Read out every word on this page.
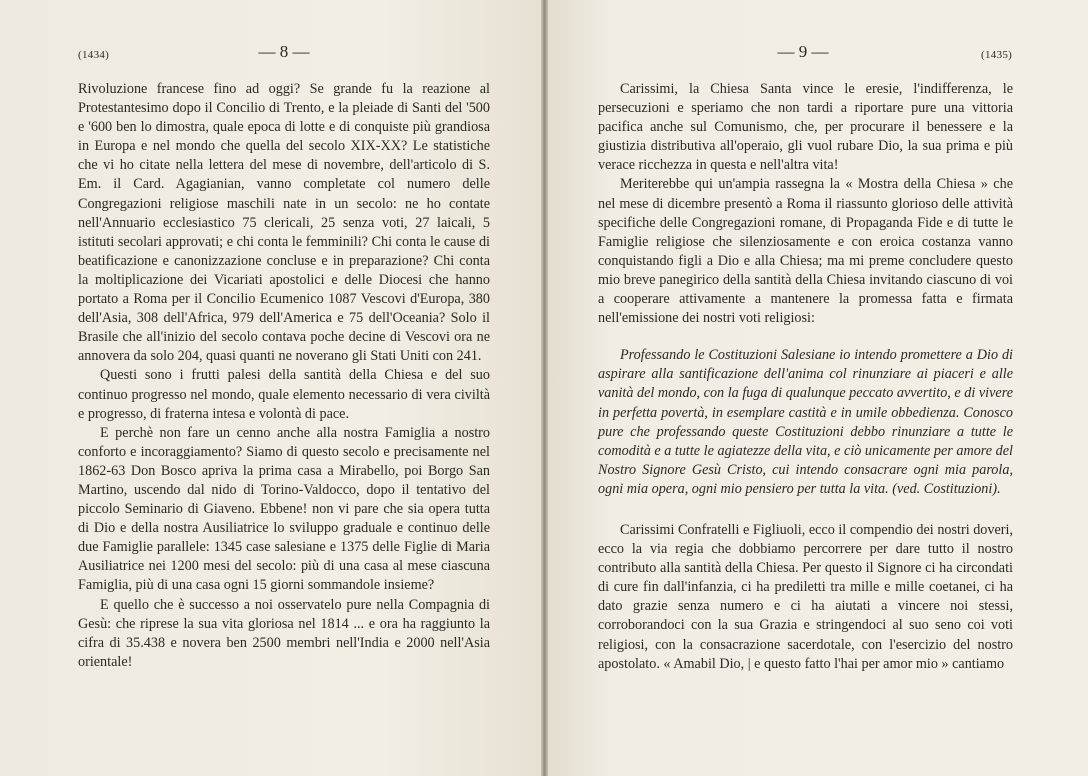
(1434)	— 8 —	— 9 —	(1435)

Rivoluzione francese fino ad oggi? Se grande fu la reazione al Protestantesimo dopo il Concilio di Trento, e la pleiade di Santi del '500 e '600 ben lo dimostra, quale epoca di lotte e di conquiste più grandiosa in Europa e nel mondo che quella del secolo XIX-XX? Le statistiche che vi ho citate nella lettera del mese di novembre, dell'articolo di S. Em. il Card. Agagianian, vanno completate col numero delle Congregazioni religiose maschili nate in un secolo: ne ho contate nell'Annuario ecclesiastico 75 clericali, 25 senza voti, 27 laicali, 5 istituti secolari approvati; e chi conta le femminili? Chi conta le cause di beatificazione e canonizzazione concluse e in preparazione? Chi conta la moltiplicazione dei Vicariati apostolici e delle Diocesi che hanno portato a Roma per il Concilio Ecumenico 1087 Vescovi d'Europa, 380 dell'Asia, 308 dell'Africa, 979 dell'America e 75 dell'Oceania? Solo il Brasile che all'inizio del secolo contava poche decine di Vescovi ora ne annovera da solo 204, quasi quanti ne noverano gli Stati Uniti con 241.

Questi sono i frutti palesi della santità della Chiesa e del suo continuo progresso nel mondo, quale elemento necessario di vera civiltà e progresso, di fraterna intesa e volontà di pace.

E perchè non fare un cenno anche alla nostra Famiglia a nostro conforto e incoraggiamento? Siamo di questo secolo e precisamente nel 1862-63 Don Bosco apriva la prima casa a Mirabello, poi Borgo San Martino, uscendo dal nido di Torino-Valdocco, dopo il tentativo del piccolo Seminario di Giaveno. Ebbene! non vi pare che sia opera tutta di Dio e della nostra Ausiliatrice lo sviluppo graduale e continuo delle due Famiglie parallele: 1345 case salesiane e 1375 delle Figlie di Maria Ausiliatrice nei 1200 mesi del secolo: più di una casa al mese ciascuna Famiglia, più di una casa ogni 15 giorni sommandole insieme?

E quello che è successo a noi osservatelo pure nella Compagnia di Gesù: che riprese la sua vita gloriosa nel 1814 ... e ora ha raggiunto la cifra di 35.438 e novera ben 2500 membri nell'India e 2000 nell'Asia orientale!

Carissimi, la Chiesa Santa vince le eresie, l'indifferenza, le persecuzioni e speriamo che non tardi a riportare pure una vittoria pacifica anche sul Comunismo, che, per procurare il benessere e la giustizia distributiva all'operaio, gli vuol rubare Dio, la sua prima e più verace ricchezza in questa e nell'altra vita!

Meriterebbe qui un'ampia rassegna la « Mostra della Chiesa » che nel mese di dicembre presentò a Roma il riassunto glorioso delle attività specifiche delle Congregazioni romane, di Propaganda Fide e di tutte le Famiglie religiose che silenziosamente e con eroica costanza vanno conquistando figli a Dio e alla Chiesa; ma mi preme concludere questo mio breve panegirico della santità della Chiesa invitando ciascuno di voi a cooperare attivamente a mantenere la promessa fatta e firmata nell'emissione dei nostri voti religiosi:

Professando le Costituzioni Salesiane io intendo promettere a Dio di aspirare alla santificazione dell'anima col rinunziare ai piaceri e alle vanità del mondo, con la fuga di qualunque peccato avvertito, e di vivere in perfetta povertà, in esemplare castità e in umile obbedienza. Conosco pure che professando queste Costituzioni debbo rinunziare a tutte le comodità e a tutte le agiatezze della vita, e ciò unicamente per amore del Nostro Signore Gesù Cristo, cui intendo consacrare ogni mia parola, ogni mia opera, ogni mio pensiero per tutta la vita. (ved. Costituzioni).

Carissimi Confratelli e Figliuoli, ecco il compendio dei nostri doveri, ecco la via regia che dobbiamo percorrere per dare tutto il nostro contributo alla santità della Chiesa. Per questo il Signore ci ha circondati di cure fin dall'infanzia, ci ha prediletti tra mille e mille coetanei, ci ha dato grazie senza numero e ci ha aiutati a vincere noi stessi, corroborandoci con la sua Grazia e stringendoci al suo seno coi voti religiosi, con la consacrazione sacerdotale, con l'esercizio del nostro apostolato. « Amabil Dio, | e questo fatto l'hai per amor mio » cantiamo
